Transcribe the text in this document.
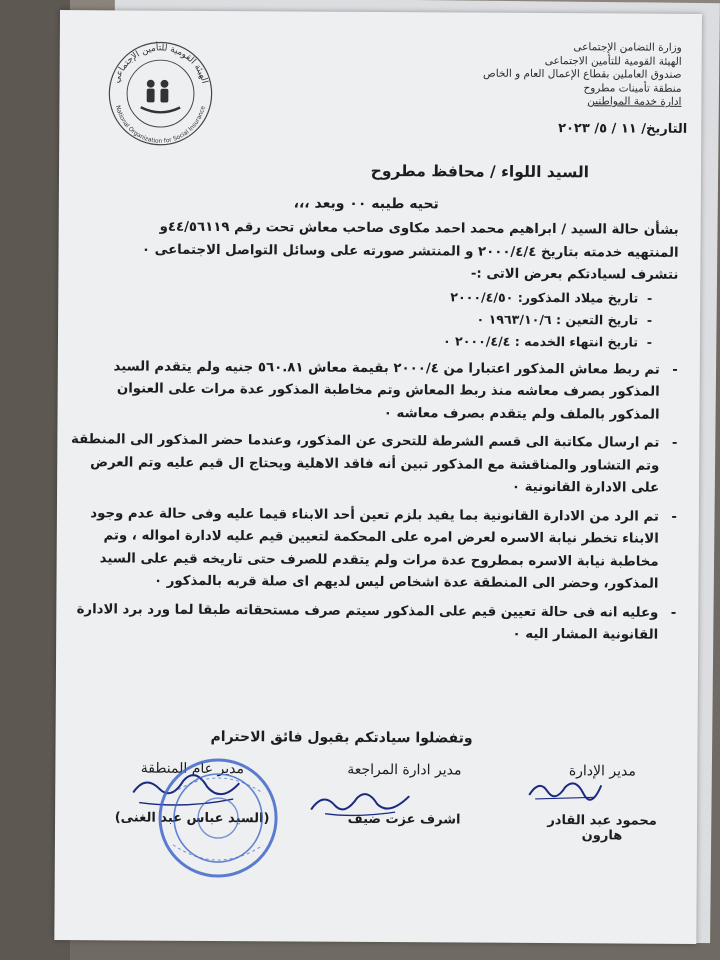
وزارة التضامن الإجتماعى
الهيئة القومية للتأمين الاجتماعى
صندوق العاملين بقطاع الإعمال العام و الخاص
منطقة تأمينات مطروح
ادارة خدمة المواطنين
الهيئة القومية للتأمين الإجتماعي
National Organization for Social Insurance
التاريخ/ ١١ / ٥/ ٢٠٢٣
السيد اللواء / محافظ مطروح
تحيه طيبه ٠٠ وبعد ،،،

بشأن حالة السيد / ابراهيم محمد احمد مكاوى صاحب معاش تحت رقم ٤٤/٥٦١١٩و

المنتهيه خدمته بتاريخ ٢٠٠٠/٤/٤ و المنتشر صورته على وسائل التواصل الاجتماعى ٠

نتشرف لسيادتكم بعرض الاتى :-

- تاريخ ميلاد المذكور: ٢٠٠٠/٤/٥٠
- تاريخ التعين : ١٩٦٣/١٠/٦ ٠
- تاريخ انتهاء الخدمه : ٢٠٠٠/٤/٤ ٠

- تم ربط معاش المذكور اعتبارا من ٢٠٠٠/٤ بقيمة معاش ٥٦٠.٨١ جنيه ولم يتقدم السيد المذكور بصرف معاشه منذ ربط المعاش وتم مخاطبة المذكور عدة مرات على العنوان المذكور بالملف ولم يتقدم بصرف معاشه ٠

- تم ارسال مكاتبة الى قسم الشرطة للتحرى عن المذكور، وعندما حضر المذكور الى المنطقة وتم التشاور والمناقشة مع المذكور تبين أنه فاقد الاهلية ويحتاج ال قيم عليه وتم العرض على الادارة القانونية ٠

- تم الرد من الادارة القانونية بما يفيد بلزم تعين أحد الابناء قيما عليه وفى حالة عدم وجود الابناء تخطر نيابة الاسره لعرض امره على المحكمة لتعيين قيم عليه لادارة امواله ، وتم مخاطبة نيابة الاسره بمطروح عدة مرات ولم يتقدم للصرف حتى تاريخه قيم على السيد المذكور، وحضر الى المنطقة عدة اشخاص ليس لديهم اى صلة قربه بالمذكور ٠

- وعليه انه فى حالة تعيين قيم على المذكور سيتم صرف مستحقاته طبقا لما ورد برد الادارة القانونية المشار اليه ٠

وتفضلوا سيادتكم بقبول فائق الاحترام
مدير الإدارة
محمود عبد القادر هارون
مدير ادارة المراجعة
اشرف عزت ضيف
مدير عام المنطقة
(السيد عباس عبد الغنى)
